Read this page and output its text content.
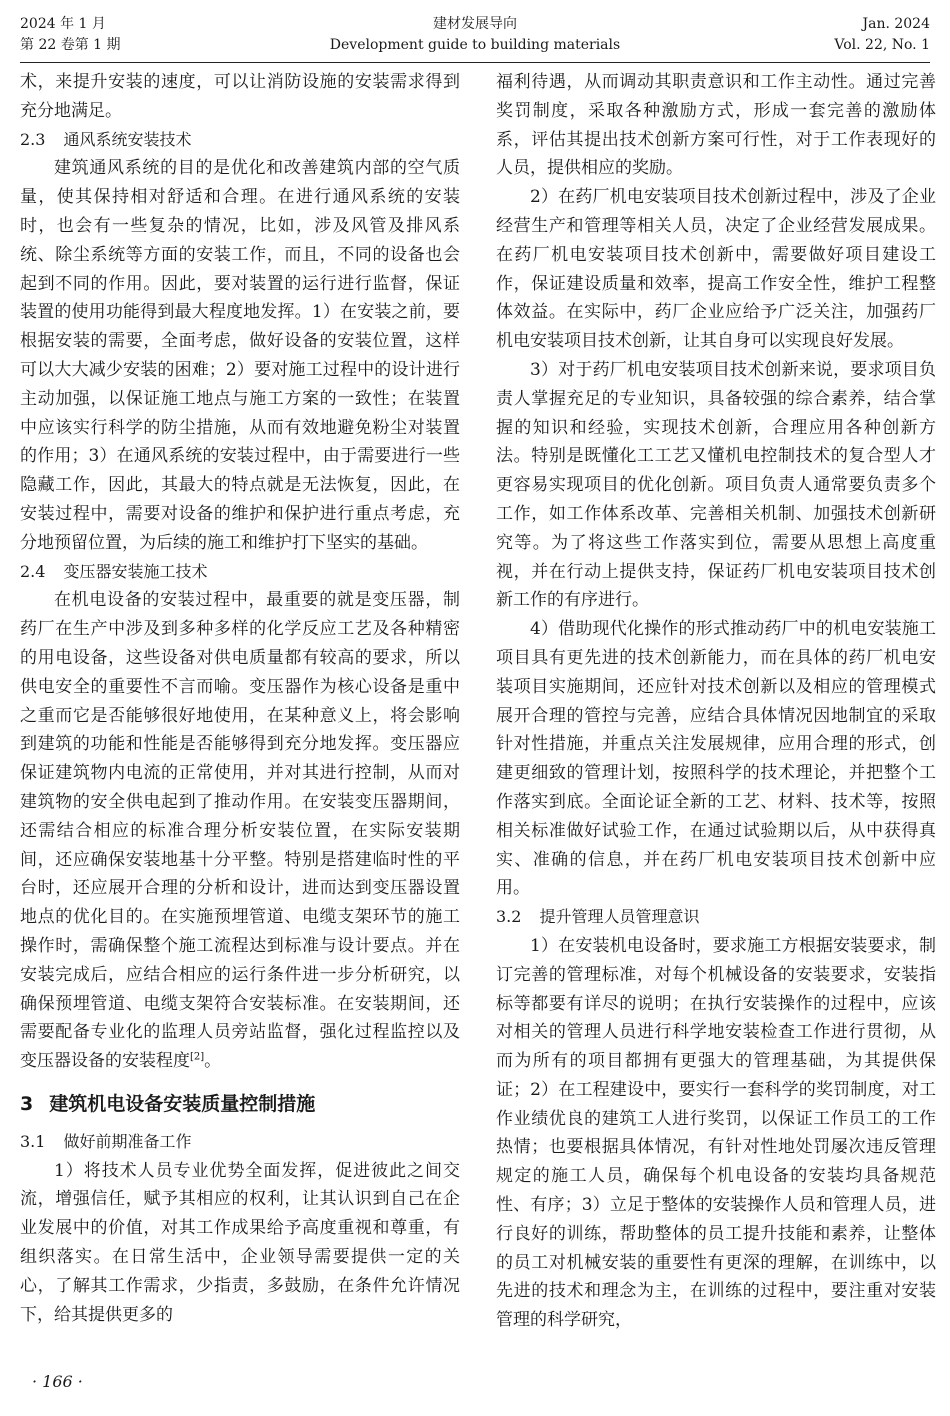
2024 年 1 月
第 22 卷第 1 期
建材发展导向
Development guide to building materials
Jan. 2024
Vol. 22, No. 1

术，来提升安装的速度，可以让消防设施的安装需求得到充分地满足。

2.3 通风系统安装技术

建筑通风系统的目的是优化和改善建筑内部的空气质量，使其保持相对舒适和合理。在进行通风系统的安装时，也会有一些复杂的情况，比如，涉及风管及排风系统、除尘系统等方面的安装工作，而且，不同的设备也会起到不同的作用。因此，要对装置的运行进行监督，保证装置的使用功能得到最大程度地发挥。1）在安装之前，要根据安装的需要，全面考虑，做好设备的安装位置，这样可以大大减少安装的困难；2）要对施工过程中的设计进行主动加强，以保证施工地点与施工方案的一致性；在装置中应该实行科学的防尘措施，从而有效地避免粉尘对装置的作用；3）在通风系统的安装过程中，由于需要进行一些隐藏工作，因此，其最大的特点就是无法恢复，因此，在安装过程中，需要对设备的维护和保护进行重点考虑，充分地预留位置，为后续的施工和维护打下坚实的基础。

2.4 变压器安装施工技术

在机电设备的安装过程中，最重要的就是变压器，制药厂在生产中涉及到多种多样的化学反应工艺及各种精密的用电设备，这些设备对供电质量都有较高的要求，所以供电安全的重要性不言而喻。变压器作为核心设备是重中之重而它是否能够很好地使用，在某种意义上，将会影响到建筑的功能和性能是否能够得到充分地发挥。变压器应保证建筑物内电流的正常使用，并对其进行控制，从而对建筑物的安全供电起到了推动作用。在安装变压器期间，还需结合相应的标准合理分析安装位置，在实际安装期间，还应确保安装地基十分平整。特别是搭建临时性的平台时，还应展开合理的分析和设计，进而达到变压器设置地点的优化目的。在实施预埋管道、电缆支架环节的施工操作时，需确保整个施工流程达到标准与设计要点。并在安装完成后，应结合相应的运行条件进一步分析研究，以确保预埋管道、电缆支架符合安装标准。在安装期间，还需要配备专业化的监理人员旁站监督，强化过程监控以及变压器设备的安装程度[2]。

3 建筑机电设备安装质量控制措施
3.1 做好前期准备工作

1）将技术人员专业优势全面发挥，促进彼此之间交流，增强信任，赋予其相应的权利，让其认识到自己在企业发展中的价值，对其工作成果给予高度重视和尊重，有组织落实。在日常生活中，企业领导需要提供一定的关心，了解其工作需求，少指责，多鼓励，在条件允许情况下，给其提供更多的

福利待遇，从而调动其职责意识和工作主动性。通过完善奖罚制度，采取各种激励方式，形成一套完善的激励体系，评估其提出技术创新方案可行性，对于工作表现好的人员，提供相应的奖励。

2）在药厂机电安装项目技术创新过程中，涉及了企业经营生产和管理等相关人员，决定了企业经营发展成果。在药厂机电安装项目技术创新中，需要做好项目建设工作，保证建设质量和效率，提高工作安全性，维护工程整体效益。在实际中，药厂企业应给予广泛关注，加强药厂机电安装项目技术创新，让其自身可以实现良好发展。

3）对于药厂机电安装项目技术创新来说，要求项目负责人掌握充足的专业知识，具备较强的综合素养，结合掌握的知识和经验，实现技术创新，合理应用各种创新方法。特别是既懂化工工艺又懂机电控制技术的复合型人才更容易实现项目的优化创新。项目负责人通常要负责多个工作，如工作体系改革、完善相关机制、加强技术创新研究等。为了将这些工作落实到位，需要从思想上高度重视，并在行动上提供支持，保证药厂机电安装项目技术创新工作的有序进行。

4）借助现代化操作的形式推动药厂中的机电安装施工项目具有更先进的技术创新能力，而在具体的药厂机电安装项目实施期间，还应针对技术创新以及相应的管理模式展开合理的管控与完善，应结合具体情况因地制宜的采取针对性措施，并重点关注发展规律，应用合理的形式，创建更细致的管理计划，按照科学的技术理论，并把整个工作落实到底。全面论证全新的工艺、材料、技术等，按照相关标准做好试验工作，在通过试验期以后，从中获得真实、准确的信息，并在药厂机电安装项目技术创新中应用。

3.2 提升管理人员管理意识

1）在安装机电设备时，要求施工方根据安装要求，制订完善的管理标准，对每个机械设备的安装要求，安装指标等都要有详尽的说明；在执行安装操作的过程中，应该对相关的管理人员进行科学地安装检查工作进行贯彻，从而为所有的项目都拥有更强大的管理基础，为其提供保证；2）在工程建设中，要实行一套科学的奖罚制度，对工作业绩优良的建筑工人进行奖罚，以保证工作员工的工作热情；也要根据具体情况，有针对性地处罚屡次违反管理规定的施工人员，确保每个机电设备的安装均具备规范性、有序；3）立足于整体的安装操作人员和管理人员，进行良好的训练，帮助整体的员工提升技能和素养，让整体的员工对机械安装的重要性有更深的理解，在训练中，以先进的技术和理念为主，在训练的过程中，要注重对安装管理的科学研究，

· 166 ·
